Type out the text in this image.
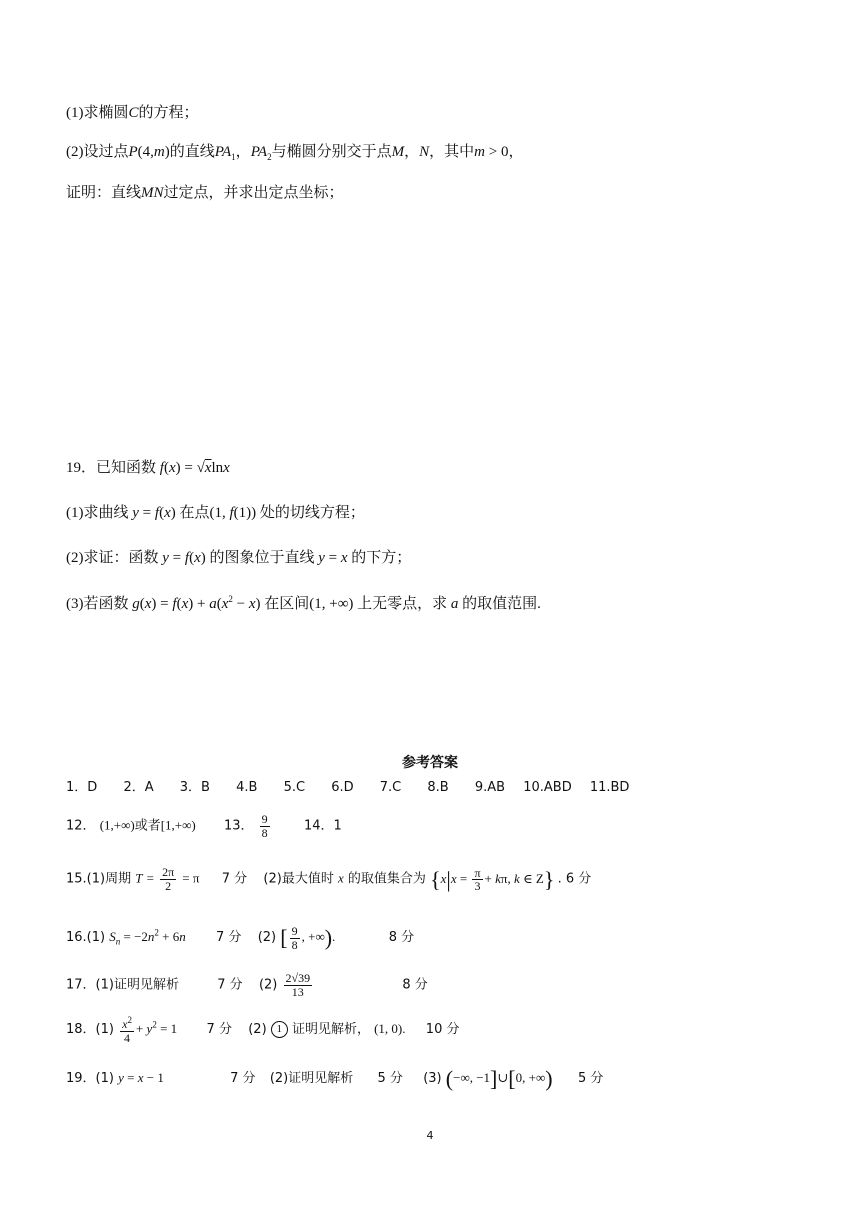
(1)求椭圆C的方程；
(2)设过点P(4,m)的直线$PA_1$，$PA_2$与椭圆分别交于点M，N，其中m > 0，
证明：直线MN过定点，并求出定点坐标；
19．已知函数 f(x) = √xlnx
(1)求曲线 y = f(x) 在点(1, f(1)) 处的切线方程；
(2)求证：函数 y = f(x) 的图象位于直线 y = x 的下方；
(3)若函数 $g(x) = f(x) + a(x^2 - x)$ 在区间(1, +∞) 上无零点，求 a 的取值范围.
参考答案
1．D 2．A 3．B 4.B 5.C 6.D 7.C 8.B 9.AB 10.ABD 11.BD
12． (1,+∞)或者[1,+∞) 13． $\frac{9}{8}$	14．1
15.(1)周期 $T = \frac{2\pi}{2} = \pi$ 7 分 (2)最大值时 x 的取值集合为 {$x|x = \frac{\pi}{3} + k\pi$, k ∈ Z} . 6 分
16.(1) $S_n = -2n^2 + 6n$ 7 分 (2) [ $\frac{9}{8}$ , +∞).	8 分
17．(1)证明见解析	7 分 $(2) \frac{2√39}{13}$	8 分
18．$(1) \frac{x^2}{4} + y^2 = 1$  7 分 (2) 1 证明见解析， (1, 0). 10 分
19．(1) y = x − 1	7 分 (2)证明见解析 5 分 (3) (−∞, −1]∪[0, +∞) 5 分
4
